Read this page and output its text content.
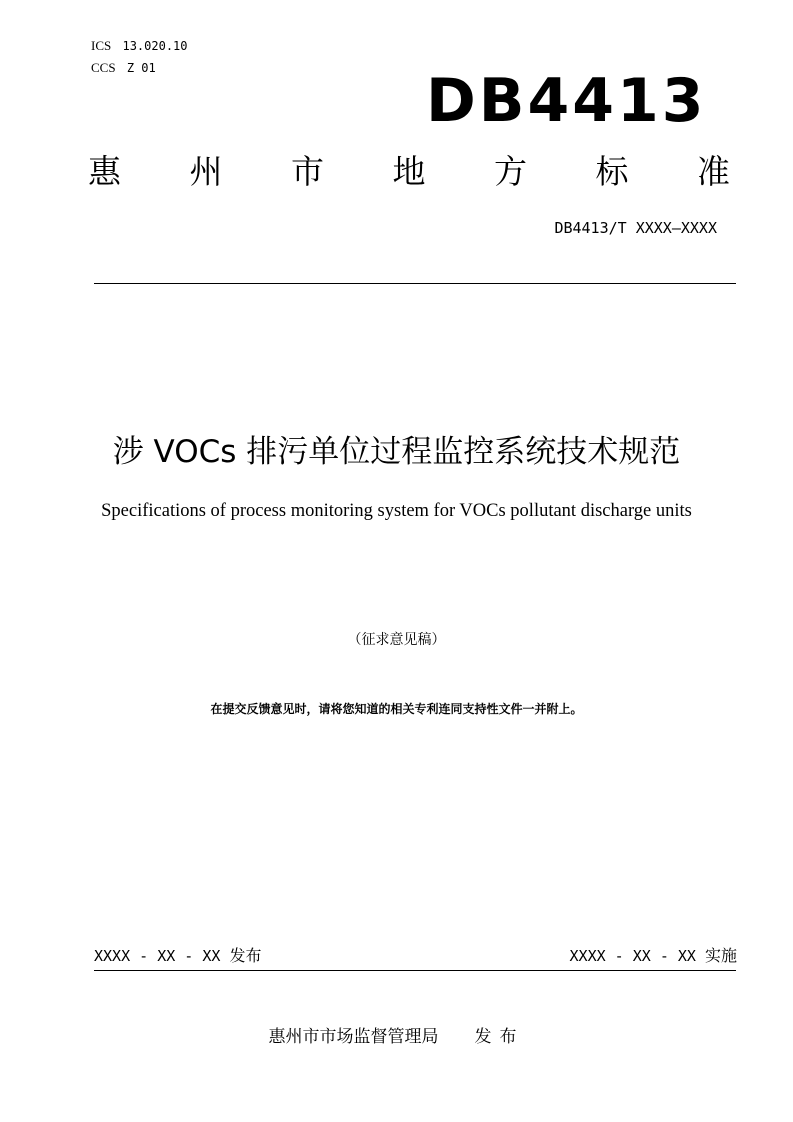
ICS 13.020.10
CCS Z 01	DB4413
惠 州 市 地 方 标 准
DB4413/T XXXX—XXXX
涉 VOCs 排污单位过程监控系统技术规范
Specifications of process monitoring system for VOCs pollutant discharge units
（征求意见稿）
在提交反馈意见时，请将您知道的相关专利连同支持性文件一并附上。
XXXX - XX - XX 发布	XXXX - XX - XX 实施
惠州市市场监督管理局 发布
